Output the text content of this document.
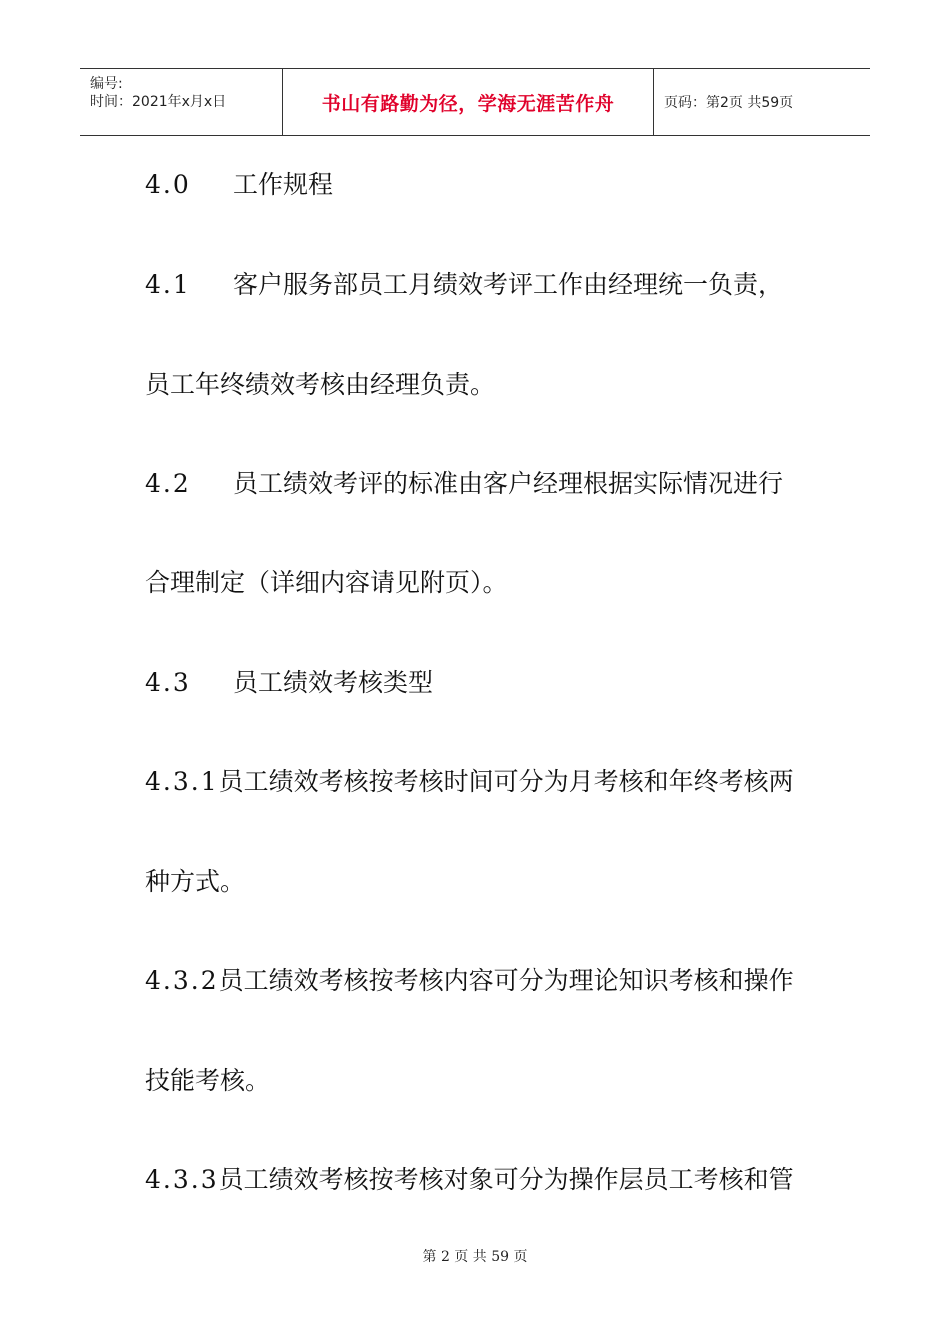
编号:
时间：2021年x月x日	书山有路勤为径，学海无涯苦作舟	页码：第2页 共59页
4.0 工作规程
4.1 客户服务部员工月绩效考评工作由经理统一负责，
员工年终绩效考核由经理负责。
4.2 员工绩效考评的标准由客户经理根据实际情况进行
合理制定（详细内容请见附页）。
4.3 员工绩效考核类型
4.3.1员工绩效考核按考核时间可分为月考核和年终考核两
种方式。
4.3.2员工绩效考核按考核内容可分为理论知识考核和操作
技能考核。
4.3.3员工绩效考核按考核对象可分为操作层员工考核和管
第 2 页 共 59 页
